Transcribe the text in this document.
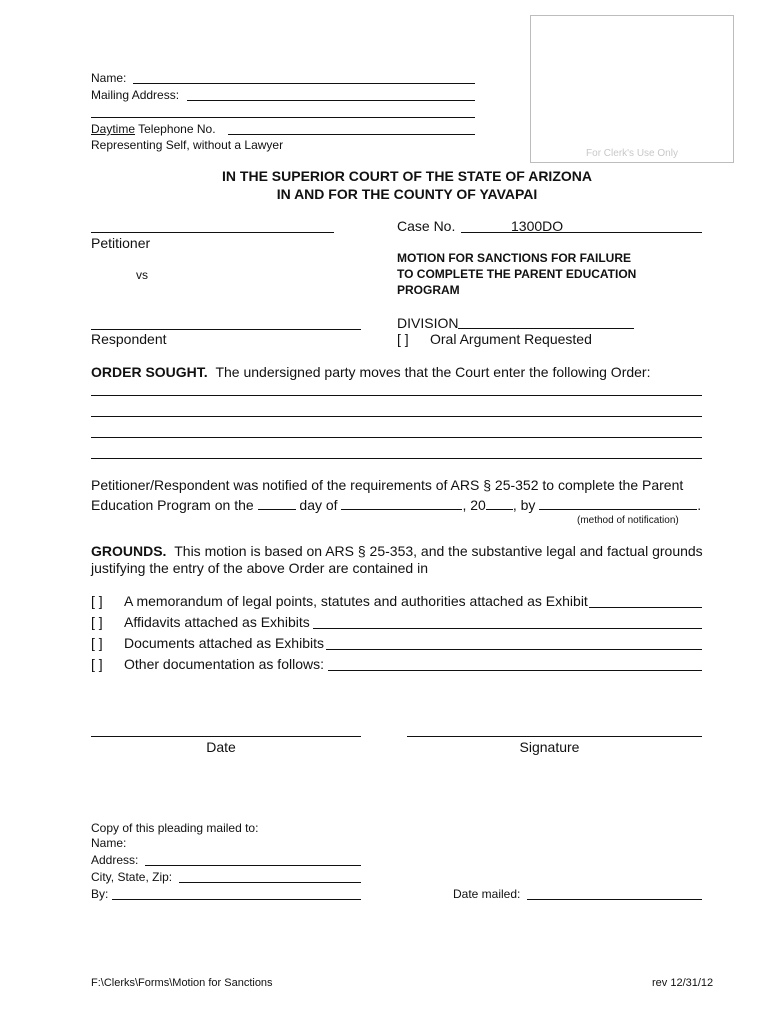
For Clerk's Use Only
Name:
Mailing Address:
Daytime Telephone No.
Representing Self, without a Lawyer
IN THE SUPERIOR COURT OF THE STATE OF ARIZONA
IN AND FOR THE COUNTY OF YAVAPAI
Petitioner
vs
Respondent
Case No.	1300DO
MOTION FOR SANCTIONS FOR FAILURE
TO COMPLETE THE PARENT EDUCATION
PROGRAM
DIVISION
[ ] Oral Argument Requested
ORDER SOUGHT. The undersigned party moves that the Court enter the following Order:
Petitioner/Respondent was notified of the requirements of ARS § 25-352 to complete the Parent
Education Program on the	day of	, 20 , by	.
(method of notification)
GROUNDS. This motion is based on ARS § 25-353, and the substantive legal and factual grounds
justifying the entry of the above Order are contained in
[ ] A memorandum of legal points, statutes and authorities attached as Exhibit
[ ] Affidavits attached as Exhibits
[ ] Documents attached as Exhibits
[ ] Other documentation as follows:
Date	Signature
Copy of this pleading mailed to:
Name:
Address:
City, State, Zip:
By:	Date mailed:
F:\Clerks\Forms\Motion for Sanctions	rev 12/31/12
